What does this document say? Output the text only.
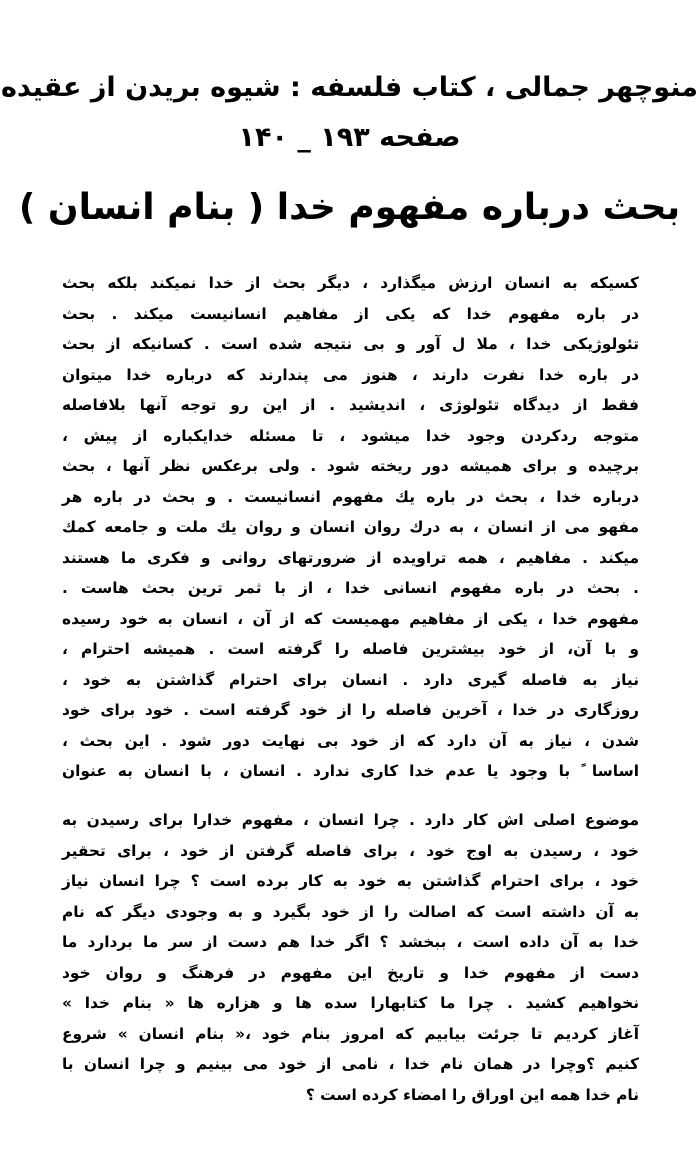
منوچهر جمالی ، کتاب فلسفه : شیوه بریدن از عقیده
صفحه ۱۹۳ _ ۱۴۰
بحث درباره مفهوم خدا ( بنام انسان )
کسیکه به انسان ارزش میگذارد ، دیگر بحث از خدا نمیکند بلکه بحث
در باره مفهوم خدا که یکی از مفاهیم انسانیست میکند . بحث
تئولوژیکی خدا ، ملا ل آور و بی نتیجه شده است . کسانیکه از بحث
در باره خدا نفرت دارند ، هنوز می پندارند که درباره خدا میتوان
فقط از دیدگاه تئولوژی ، اندیشید . از این رو توجه آنها بلافاصله
متوجه ردکردن وجود خدا میشود ، تا مسئله خدایکباره از پیش ،
برچیده و برای همیشه دور ریخته شود . ولی برعکس نظر آنها ، بحث
درباره خدا ، بحث در باره یك مفهوم انسانیست . و بحث در باره هر
مفهو می از انسان ، به درك روان انسان و روان یك ملت و جامعه کمك
میکند . مفاهیم ، همه تراویده از ضرورتهای روانی و فکری ما هستند
. بحث در باره مفهوم انسانی خدا ، از با ثمر ترین بحث هاست .
مفهوم خدا ، یکی از مفاهیم مهمیست که از آن ، انسان به خود رسیده
و با آن، از خود بیشترین فاصله را گرفته است . همیشه احترام ،
نیاز به فاصله گیری دارد . انسان برای احترام گذاشتن به خود ،
روزگاری در خدا ، آخرین فاصله را از خود گرفته است . خود برای خود
شدن ، نیاز به آن دارد که از خود بی نهایت دور شود . این بحث ،
اساسا ً با وجود یا عدم خدا کاری ندارد . انسان ، با انسان به عنوان
موضوع اصلی اش کار دارد . چرا انسان ، مفهوم خدارا برای رسیدن به
خود ، رسیدن به اوج خود ، برای فاصله گرفتن از خود ، برای تحقیر
خود ، برای احترام گذاشتن به خود به کار برده است ؟ چرا انسان نیاز
به آن داشته است که اصالت را از خود بگیرد و به وجودی دیگر که نام
خدا به آن داده است ، ببخشد ؟ اگر خدا هم دست از سر ما بردارد ما
دست از مفهوم خدا و تاریخ این مفهوم در فرهنگ و روان خود
نخواهیم کشید . چرا ما کتابهارا سده ها و هزاره ها « بنام خدا »
آغاز کردیم تا جرئت بیابیم که امروز بنام خود ،« بنام انسان » شروع
کنیم ؟وچرا در همان نام خدا ، نامی از خود می بینیم و چرا انسان با
نام خدا همه این اوراق را امضاء کرده است ؟
